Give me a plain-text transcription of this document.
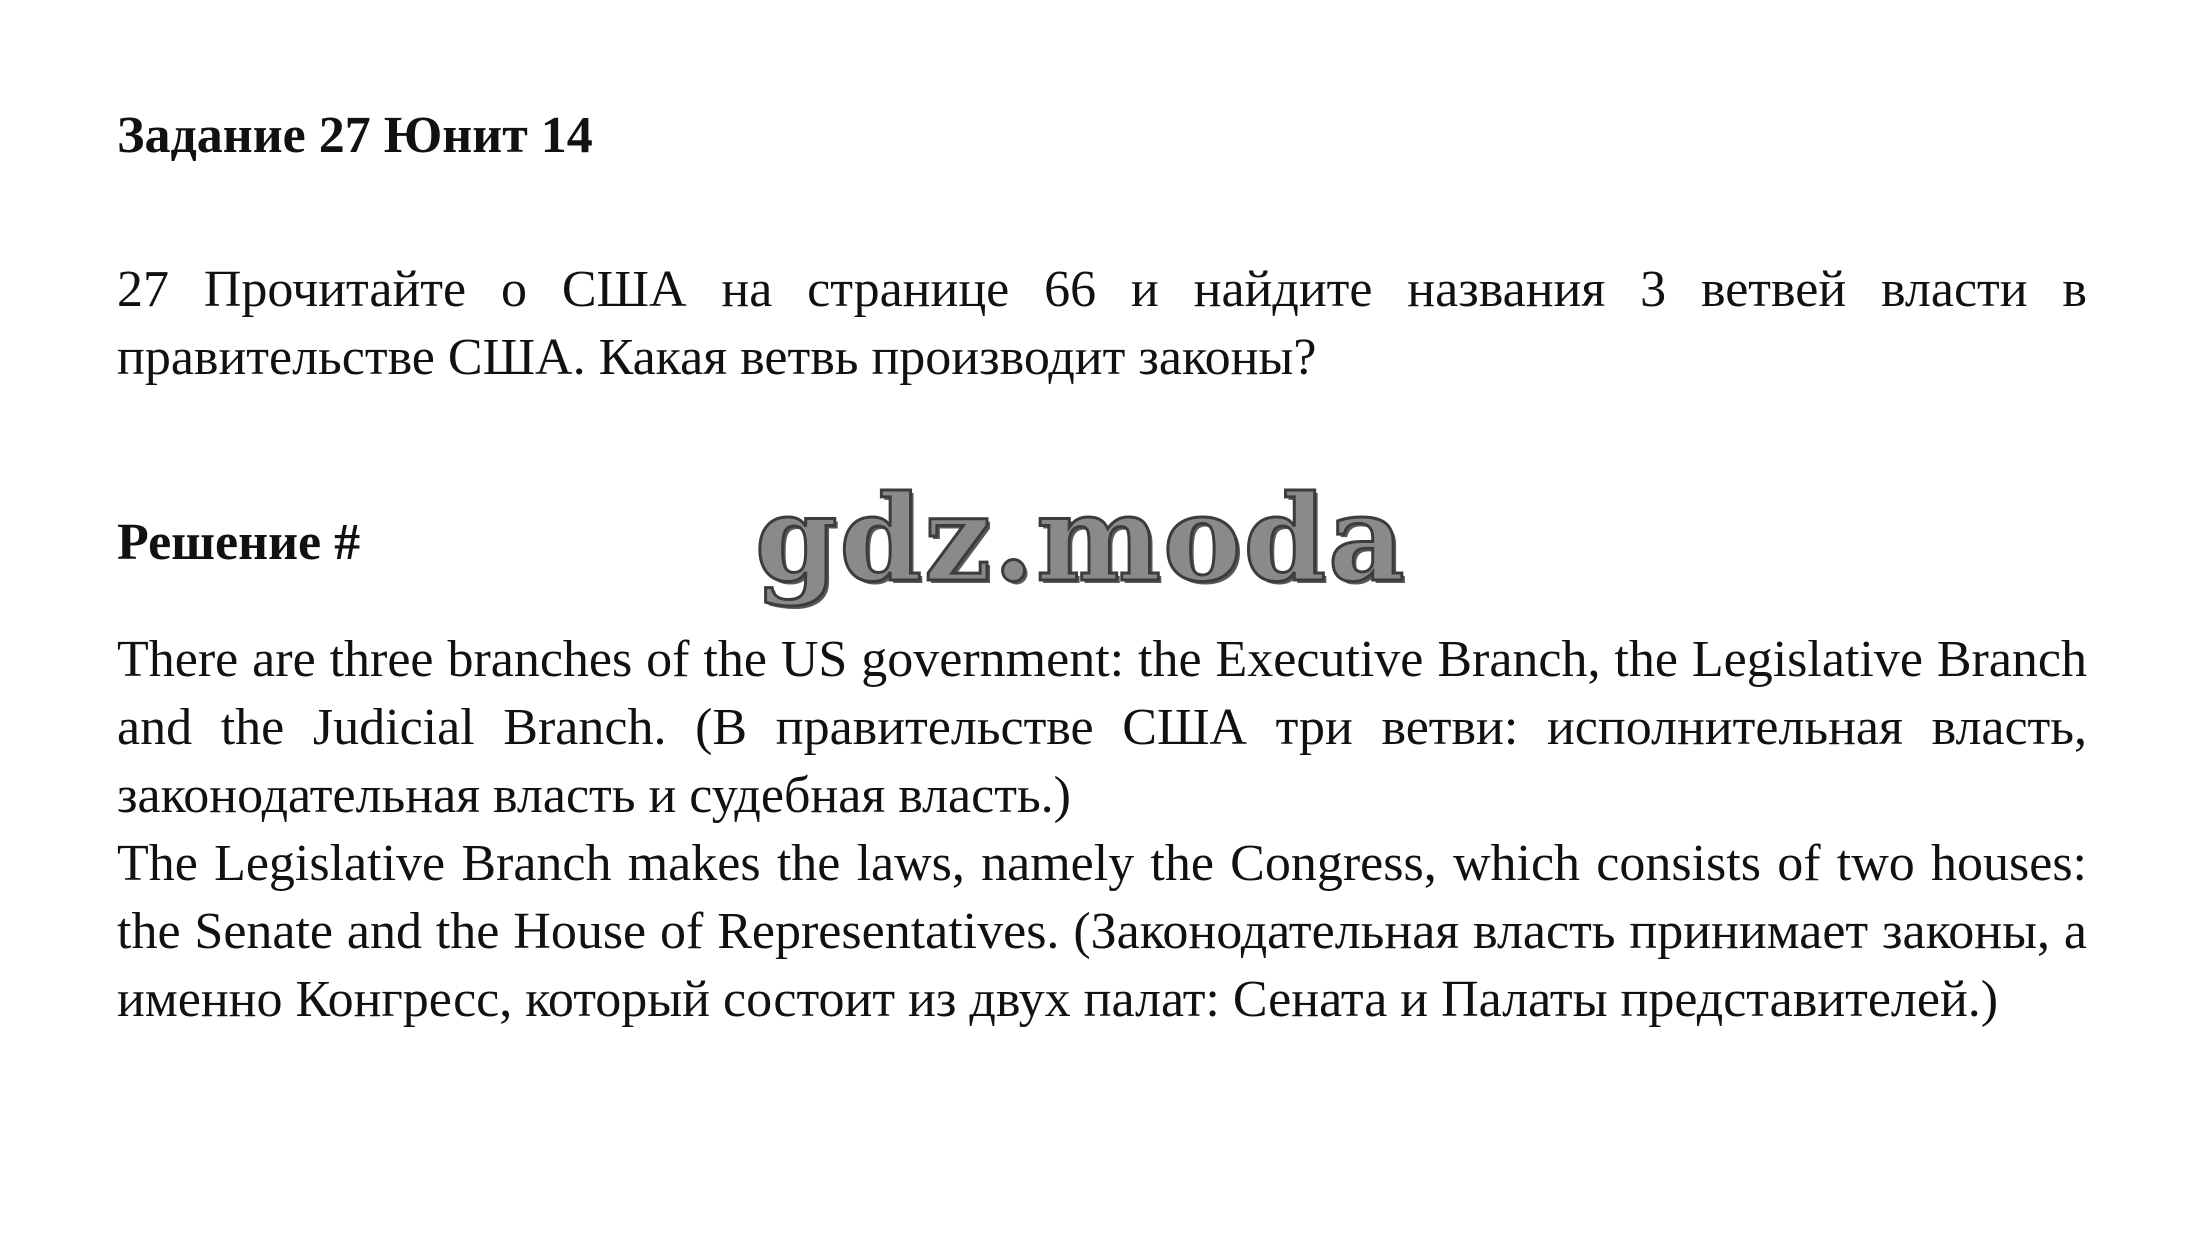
Задание 27 Юнит 14
27 Прочитайте о США на странице 66 и найдите названия 3 ветвей власти в правительстве США. Какая ветвь производит законы?
Решение #

There are three branches of the US government: the Executive Branch, the Legislative Branch and the Judicial Branch. (В правительстве США три ветви: исполнительная власть, законодательная власть и судебная власть.)

The Legislative Branch makes the laws, namely the Congress, which consists of two houses: the Senate and the House of Representatives. (Законодательная власть принимает законы, а именно Конгресс, который состоит из двух палат: Сената и Палаты представителей.)

gdz.moda
